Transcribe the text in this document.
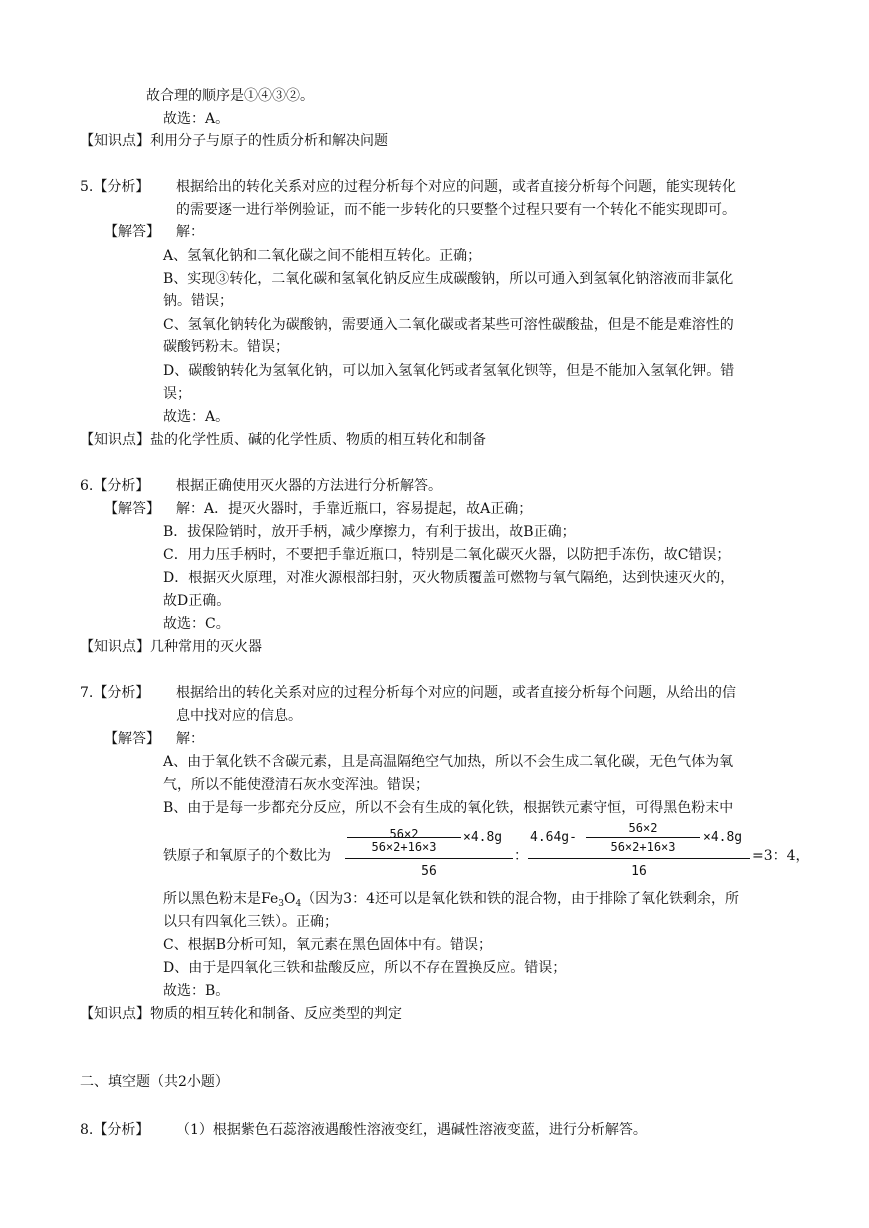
故合理的顺序是①④③②。
故选：A。
【知识点】利用分子与原子的性质分析和解决问题
5.【分析】 根据给出的转化关系对应的过程分析每个对应的问题，或者直接分析每个问题，能实现转化
的需要逐一进行举例验证，而不能一步转化的只要整个过程只要有一个转化不能实现即可。
【解答】 解：
A、氢氧化钠和二氧化碳之间不能相互转化。正确；
B、实现③转化，二氧化碳和氢氧化钠反应生成碳酸钠，所以可通入到氢氧化钠溶液而非氯化
钠。错误；
C、氢氧化钠转化为碳酸钠，需要通入二氧化碳或者某些可溶性碳酸盐，但是不能是难溶性的
碳酸钙粉末。错误；
D、碳酸钠转化为氢氧化钠，可以加入氢氧化钙或者氢氧化钡等，但是不能加入氢氧化钾。错
误；
故选：A。
【知识点】盐的化学性质、碱的化学性质、物质的相互转化和制备
6.【分析】 根据正确使用灭火器的方法进行分析解答。
【解答】 解：A．提灭火器时，手靠近瓶口，容易提起，故A正确；
B．拔保险销时，放开手柄，减少摩擦力，有利于拔出，故B正确；
C．用力压手柄时，不要把手靠近瓶口，特别是二氧化碳灭火器，以防把手冻伤，故C错误；
D．根据灭火原理，对准火源根部扫射，灭火物质覆盖可燃物与氧气隔绝，达到快速灭火的，
故D正确。
故选：C。
【知识点】几种常用的灭火器
7.【分析】 根据给出的转化关系对应的过程分析每个对应的问题，或者直接分析每个问题，从给出的信
息中找对应的信息。
【解答】 解：
A、由于氧化铁不含碳元素，且是高温隔绝空气加热，所以不会生成二氧化碳，无色气体为氧
气，所以不能使澄清石灰水变浑浊。错误；
B、由于是每一步都充分反应，所以不会有生成的氧化铁，根据铁元素守恒，可得黑色粉末中
铁原子和氧原子的个数比为
56×2
56×2+16×3
×4.8g
56
：
4.64g-
56×2
56×2+16×3
×4.8g
16
=3：4，
所以黑色粉末是$Fe_3O_4$（因为3：4还可以是氧化铁和铁的混合物，由于排除了氧化铁剩余，所
以只有四氧化三铁）。正确；
C、根据B分析可知，氧元素在黑色固体中有。错误；
D、由于是四氧化三铁和盐酸反应，所以不存在置换反应。错误；
故选：B。
【知识点】物质的相互转化和制备、反应类型的判定
二、填空题（共2小题）
8.【分析】 （1）根据紫色石蕊溶液遇酸性溶液变红，遇碱性溶液变蓝，进行分析解答。
